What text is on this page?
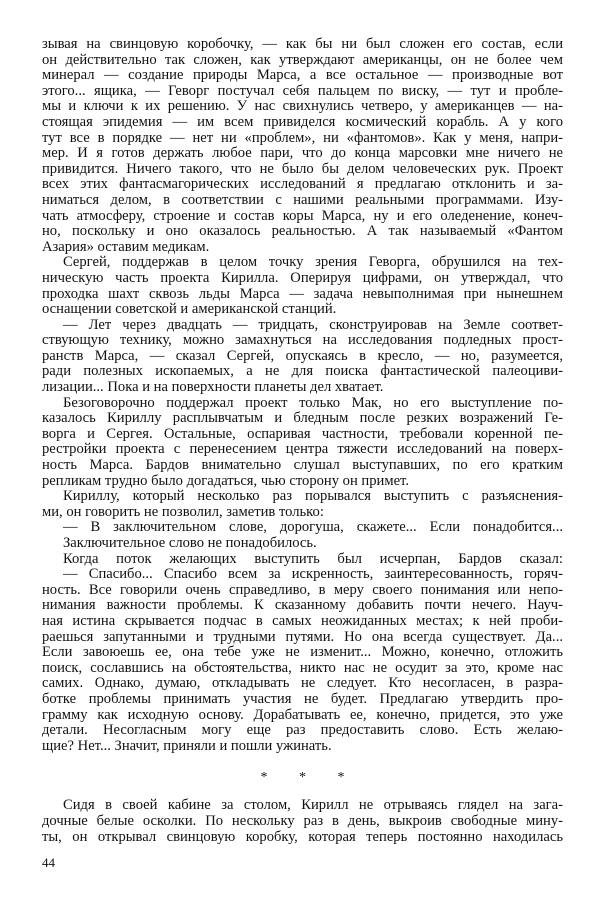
зывая на свинцовую коробочку, — как бы ни был сложен его состав, если
он действительно так сложен, как утверждают американцы, он не более чем
минерал — создание природы Марса, а все остальное — производные вот
этого... ящика, — Геворг постучал себя пальцем по виску, — тут и пробле-
мы и ключи к их решению. У нас свихнулись четверо, у американцев — на-
стоящая эпидемия — им всем привиделся космический корабль. А у кого
тут все в порядке — нет ни «проблем», ни «фантомов». Как у меня, напри-
мер. И я готов держать любое пари, что до конца марсовки мне ничего не
привидится. Ничего такого, что не было бы делом человеческих рук. Проект
всех этих фантасмагорических исследований я предлагаю отклонить и за-
ниматься делом, в соответствии с нашими реальными программами. Изу-
чать атмосферу, строение и состав коры Марса, ну и его оледенение, конеч-
но, поскольку и оно оказалось реальностью. А так называемый «Фантом
Азария» оставим медикам.
Сергей, поддержав в целом точку зрения Геворга, обрушился на тех-
ническую часть проекта Кирилла. Оперируя цифрами, он утверждал, что
проходка шахт сквозь льды Марса — задача невыполнимая при нынешнем
оснащении советской и американской станций.
— Лет через двадцать — тридцать, сконструировав на Земле соответ-
ствующую технику, можно замахнуться на исследования подледных прост-
ранств Марса, — сказал Сергей, опускаясь в кресло, — но, разумеется,
ради полезных ископаемых, а не для поиска фантастической палеоциви-
лизации... Пока и на поверхности планеты дел хватает.
Безоговорочно поддержал проект только Мак, но его выступление по-
казалось Кириллу расплывчатым и бледным после резких возражений Ге-
ворга и Сергея. Остальные, оспаривая частности, требовали коренной пе-
рестройки проекта с перенесением центра тяжести исследований на поверх-
ность Марса. Бардов внимательно слушал выступавших, по его кратким
репликам трудно было догадаться, чью сторону он примет.
Кириллу, который несколько раз порывался выступить с разъяснения-
ми, он говорить не позволил, заметив только:
— В заключительном слове, дорогуша, скажете... Если понадобится...
Заключительное слово не понадобилось.
Когда поток желающих выступить был исчерпан, Бардов сказал:
— Спасибо... Спасибо всем за искренность, заинтересованность, горяч-
ность. Все говорили очень справедливо, в меру своего понимания или непо-
нимания важности проблемы. К сказанному добавить почти нечего. Науч-
ная истина скрывается подчас в самых неожиданных местах; к ней проби-
раешься запутанными и трудными путями. Но она всегда существует. Да...
Если завоюешь ее, она тебе уже не изменит... Можно, конечно, отложить
поиск, сославшись на обстоятельства, никто нас не осудит за это, кроме нас
самих. Однако, думаю, откладывать не следует. Кто несогласен, в разра-
ботке проблемы принимать участия не будет. Предлагаю утвердить про-
грамму как исходную основу. Дорабатывать ее, конечно, придется, это уже
детали. Несогласным могу еще раз предоставить слово. Есть желаю-
щие? Нет... Значит, приняли и пошли ужинать.
* * *
Сидя в своей кабине за столом, Кирилл не отрываясь глядел на зага-
дочные белые осколки. По нескольку раз в день, выкроив свободные мину-
ты, он открывал свинцовую коробку, которая теперь постоянно находилась
44
